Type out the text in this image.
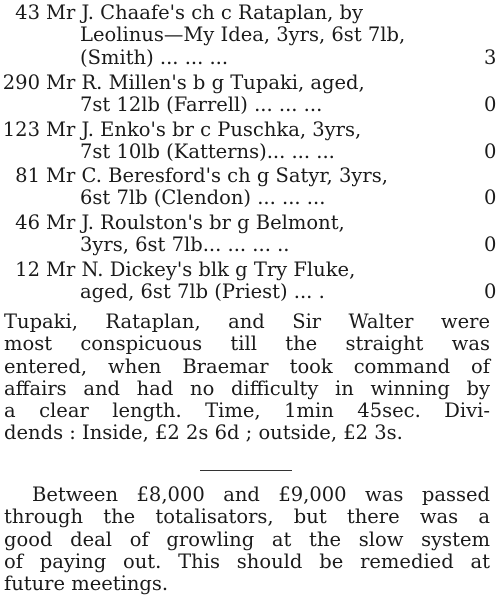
43 Mr J. Chaafe's ch c Rataplan, by
Leolinus—My Idea, 3yrs, 6st 7lb,
(Smith) ... ... ...	3
290 Mr R. Millen's b g Tupaki, aged,
7st 12lb (Farrell) ... ... ...	0
123 Mr J. Enko's br c Puschka, 3yrs,
7st 10lb (Katterns)... ... ...	0
81 Mr C. Beresford's ch g Satyr, 3yrs,
6st 7lb (Clendon) ... ... ...	0
46 Mr J. Roulston's br g Belmont,
3yrs, 6st 7lb... ... ... ..	0
12 Mr N. Dickey's blk g Try Fluke,
aged, 6st 7lb (Priest) ... .	0
Tupaki, Rataplan, and Sir Walter were
most conspicuous till the straight was
entered, when Braemar took command of
affairs and had no difficulty in winning by
a clear length. Time, 1min 45sec. Divi-
dends : Inside, £2 2s 6d ; outside, £2 3s.
Between £8,000 and £9,000 was passed
through the totalisators, but there was a
good deal of growling at the slow system
of paying out. This should be remedied at
future meetings.
